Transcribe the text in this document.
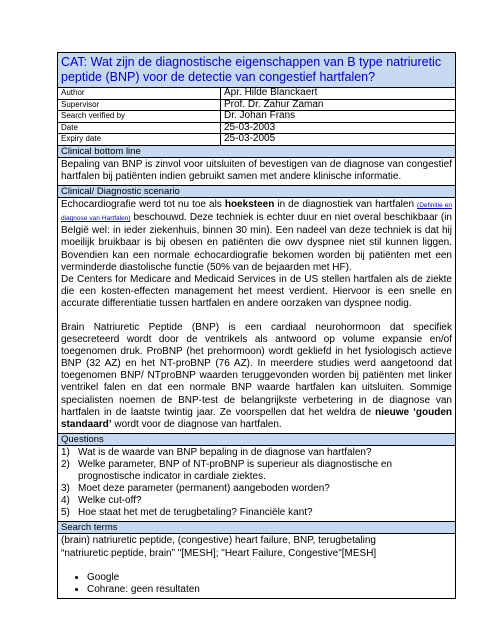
CAT: Wat zijn de diagnostische eigenschappen van B type natriuretic peptide (BNP) voor de detectie van congestief hartfalen?
Author	Apr. Hilde Blanckaert
Supervisor	Prof. Dr. Zahur Zaman
Search verified by	Dr. Johan Frans
Date	25-03-2003
Expiry date	25-03-2005
Clinical bottom line

Bepaling van BNP is zinvol voor uitsluiten of bevestigen van de diagnose van congestief hartfalen bij patiënten indien gebruikt samen met andere klinische informatie.

Clinical/ Diagnostic scenario

Echocardiografie werd tot nu toe als hoeksteen in de diagnostiek van hartfalen (Definitie en diagnose van Hartfalen) beschouwd. Deze techniek is echter duur en niet overal beschikbaar (in België wel: in ieder ziekenhuis, binnen 30 min). Een nadeel van deze techniek is dat hij moeilijk bruikbaar is bij obesen en patiënten die owv dyspnee niet stil kunnen liggen. Bovendien kan een normale echocardiografie bekomen worden bij patiënten met een verminderde diastolische functie (50% van de bejaarden met HF).

De Centers for Medicare and Medicaid Services in de US stellen hartfalen als de ziekte die een kosten-effecten management het meest verdient. Hiervoor is een snelle en accurate differentiatie tussen hartfalen en andere oorzaken van dyspnee nodig.

Brain Natriuretic Peptide (BNP) is een cardiaal neurohormoon dat specifiek gesecreteerd wordt door de ventrikels als antwoord op volume expansie en/of toegenomen druk. ProBNP (het prehormoon) wordt gekliefd in het fysiologisch actieve BNP (32 AZ) en het NT-proBNP (76 AZ). In meerdere studies werd aangetoond dat toegenomen BNP/ NTproBNP waarden teruggevonden worden bij patiënten met linker ventrikel falen en dat een normale BNP waarde hartfalen kan uitsluiten. Sommige specialisten noemen de BNP-test de belangrijkste verbetering in de diagnose van hartfalen in de laatste twintig jaar. Ze voorspellen dat het weldra de nieuwe ‘gouden standaard’ wordt voor de diagnose van hartfalen.

Questions
1) Wat is de waarde van BNP bepaling in de diagnose van hartfalen?
2) Welke parameter, BNP of NT-proBNP is superieur als diagnostische en prognostische indicator in cardiale ziektes.
3) Moet deze parameter (permanent) aangeboden worden?
4) Welke cut-off?
5) Hoe staat het met de terugbetaling? Financiële kant?
Search terms

(brain) natriuretic peptide, (congestive) heart failure, BNP, terugbetaling

“natriuretic peptide, brain” "[MESH]; "Heart Failure, Congestive"[MESH]

• Google
• Cohrane: geen resultaten
